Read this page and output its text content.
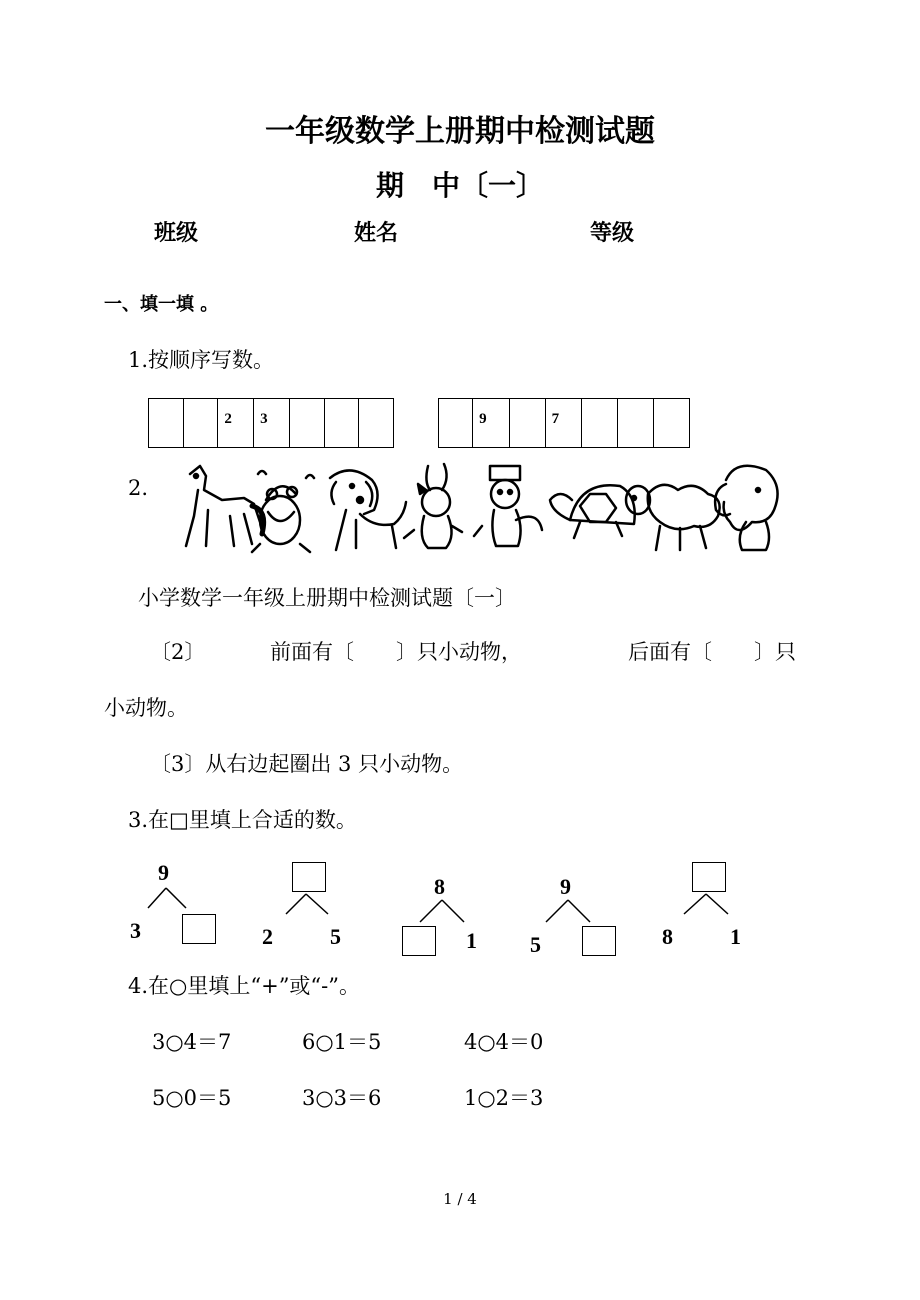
一年级数学上册期中检测试题
期　中〔一〕
班级	姓名	等级
一、填一填 。
1.按顺序写数。
		2	3			
		9		7			
2.
小学数学一年级上册期中检测试题〔一〕
〔2〕	前面有〔　　〕只小动物，	后面有〔　　〕只
小动物。
〔3〕从右边起圈出 3 只小动物。
3.在□里填上合适的数。
9
3	2	5
8
1
9
5	8	1
4.在○里填上“+”或“-”。
3○4＝7	6○1＝5	4○4＝0
5○0＝5	3○3＝6	1○2＝3
1 / 4
